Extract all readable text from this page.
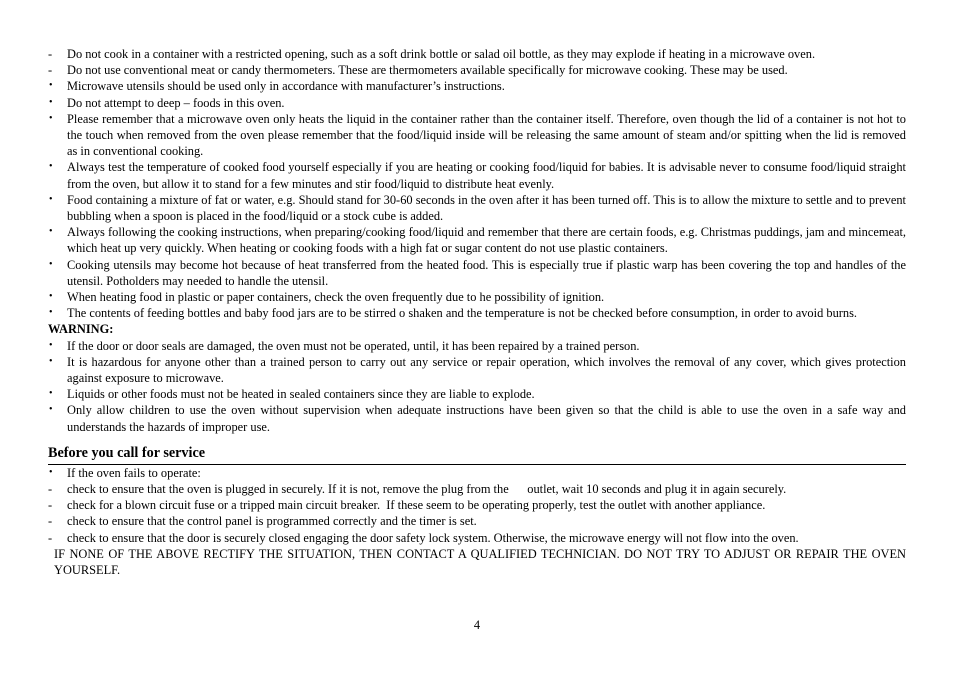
-	Do not cook in a container with a restricted opening, such as a soft drink bottle or salad oil bottle, as they may explode if heating in a microwave oven.
-	Do not use conventional meat or candy thermometers. These are thermometers available specifically for microwave cooking. These may be used.
•	Microwave utensils should be used only in accordance with manufacturer’s instructions.
•	Do not attempt to deep – foods in this oven.
•	Please remember that a microwave oven only heats the liquid in the container rather than the container itself. Therefore, oven though the lid of a container is not hot to the touch when removed from the oven please remember that the food/liquid inside will be releasing the same amount of steam and/or spitting when the lid is removed as in conventional cooking.
•	Always test the temperature of cooked food yourself especially if you are heating or cooking food/liquid for babies. It is advisable never to consume food/liquid straight from the oven, but allow it to stand for a few minutes and stir food/liquid to distribute heat evenly.
•	Food containing a mixture of fat or water, e.g. Should stand for 30-60 seconds in the oven after it has been turned off. This is to allow the mixture to settle and to prevent bubbling when a spoon is placed in the food/liquid or a stock cube is added.
•	Always following the cooking instructions, when preparing/cooking food/liquid and remember that there are certain foods, e.g. Christmas puddings, jam and mincemeat, which heat up very quickly. When heating or cooking foods with a high fat or sugar content do not use plastic containers.
•	Cooking utensils may become hot because of heat transferred from the heated food. This is especially true if plastic warp has been covering the top and handles of the utensil. Potholders may needed to handle the utensil.
•	When heating food in plastic or paper containers, check the oven frequently due to he possibility of ignition.
•	The contents of feeding bottles and baby food jars are to be stirred o shaken and the temperature is not be checked before consumption, in order to avoid burns.
WARNING:
•	If the door or door seals are damaged, the oven must not be operated, until, it has been repaired by a trained person.
•	It is hazardous for anyone other than a trained person to carry out any service or repair operation, which involves the removal of any cover, which gives protection against exposure to microwave.
•	Liquids or other foods must not be heated in sealed containers since they are liable to explode.
•	Only allow children to use the oven without supervision when adequate instructions have been given so that the child is able to use the oven in a safe way and understands the hazards of improper use.
Before you call for service
•	If the oven fails to operate:
-	check to ensure that the oven is plugged in securely. If it is not, remove the plug from the      outlet, wait 10 seconds and plug it in again securely.
-	check for a blown circuit fuse or a tripped main circuit breaker.  If these seem to be operating properly, test the outlet with another appliance.
-	check to ensure that the control panel is programmed correctly and the timer is set.
-	check to ensure that the door is securely closed engaging the door safety lock system. Otherwise, the microwave energy will not flow into the oven.
IF NONE OF THE ABOVE RECTIFY THE SITUATION, THEN CONTACT A QUALIFIED TECHNICIAN. DO NOT TRY TO ADJUST OR REPAIR THE OVEN YOURSELF.
4
